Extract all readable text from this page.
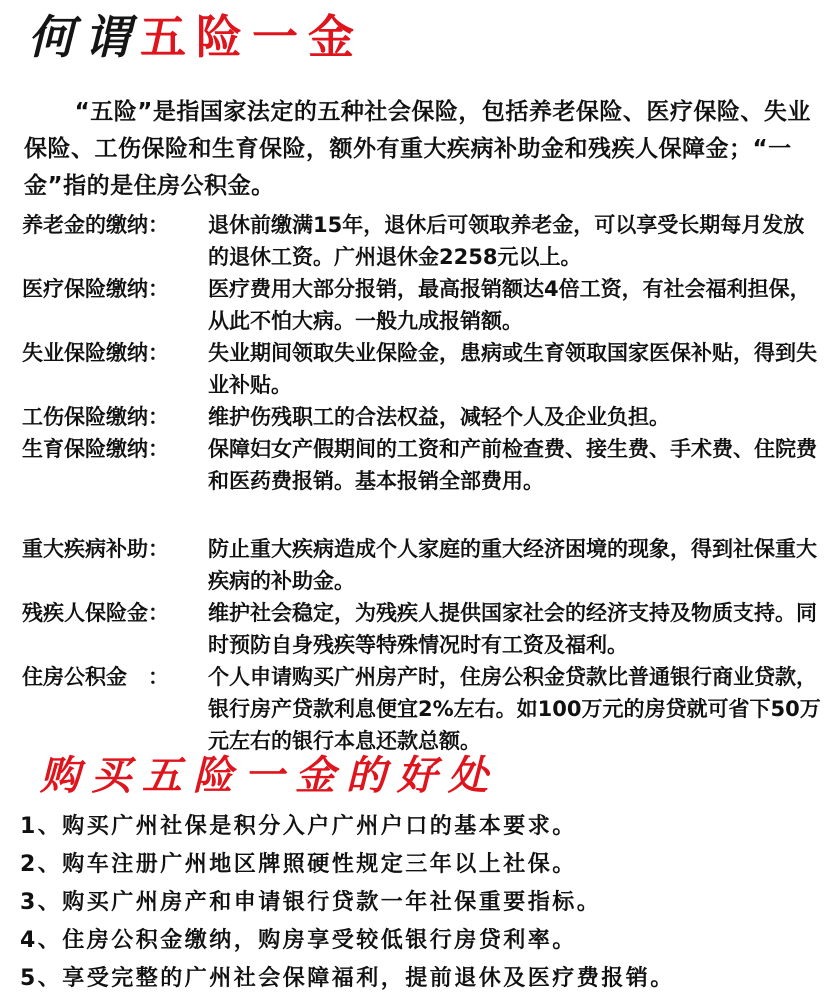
何谓五险一金
“五险”是指国家法定的五种社会保险，包括养老保险、医疗保险、失业保险、工伤保险和生育保险，额外有重大疾病补助金和残疾人保障金；“一金”指的是住房公积金。
养老金的缴纳：	退休前缴满15年，退休后可领取养老金，可以享受长期每月发放的退休工资。广州退休金2258元以上。
医疗保险缴纳：	医疗费用大部分报销，最高报销额达4倍工资，有社会福利担保，从此不怕大病。一般九成报销额。
失业保险缴纳：	失业期间领取失业保险金，患病或生育领取国家医保补贴，得到失业补贴。
工伤保险缴纳：	维护伤残职工的合法权益，减轻个人及企业负担。
生育保险缴纳：	保障妇女产假期间的工资和产前检查费、接生费、手术费、住院费和医药费报销。基本报销全部费用。
重大疾病补助：	防止重大疾病造成个人家庭的重大经济困境的现象，得到社保重大疾病的补助金。
残疾人保险金：	维护社会稳定，为残疾人提供国家社会的经济支持及物质支持。同时预防自身残疾等特殊情况时有工资及福利。
住房公积金　：	个人申请购买广州房产时，住房公积金贷款比普通银行商业贷款，银行房产贷款利息便宜2%左右。如100万元的房贷就可省下50万元左右的银行本息还款总额。
购买五险一金的好处
1、购买广州社保是积分入户广州户口的基本要求。
2、购车注册广州地区牌照硬性规定三年以上社保。
3、购买广州房产和申请银行贷款一年社保重要指标。
4、住房公积金缴纳，购房享受较低银行房贷利率。
5、享受完整的广州社会保障福利，提前退休及医疗费报销。
